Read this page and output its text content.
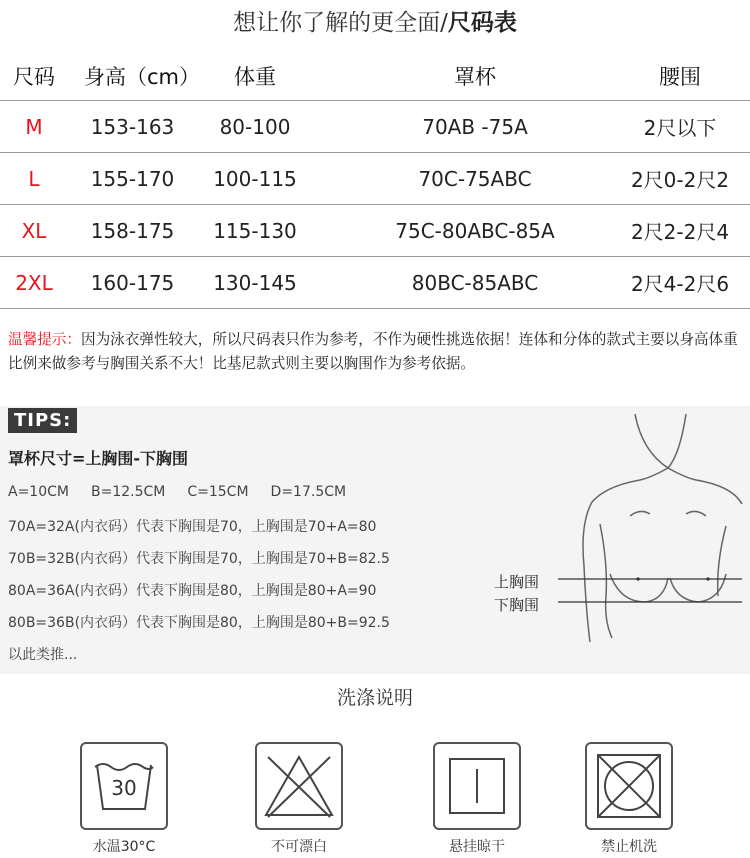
想让你了解的更全面/尺码表
尺码	身高（cm）	体重	罩杯	腰围
M	153-163	80-100	70AB -75A	2尺以下
L	155-170	100-115	70C-75ABC	2尺0-2尺2
XL	158-175	115-130	75C-80ABC-85A	2尺2-2尺4
2XL	160-175	130-145	80BC-85ABC	2尺4-2尺6
温馨提示：因为泳衣弹性较大，所以尺码表只作为参考，不作为硬性挑选依据！连体和分体的款式主要以身高体重比例来做参考与胸围关系不大！比基尼款式则主要以胸围作为参考依据。
TIPS:
罩杯尺寸=上胸围-下胸围
A=10CM B=12.5CM C=15CM D=17.5CM
70A=32A(内衣码）代表下胸围是70，上胸围是70+A=80
70B=32B(内衣码）代表下胸围是70，上胸围是70+B=82.5
80A=36A(内衣码）代表下胸围是80，上胸围是80+A=90
80B=36B(内衣码）代表下胸围是80，上胸围是80+B=92.5
以此类推...
上胸围
下胸围
洗涤说明
30
水温30°C	不可漂白	悬挂晾干	禁止机洗
